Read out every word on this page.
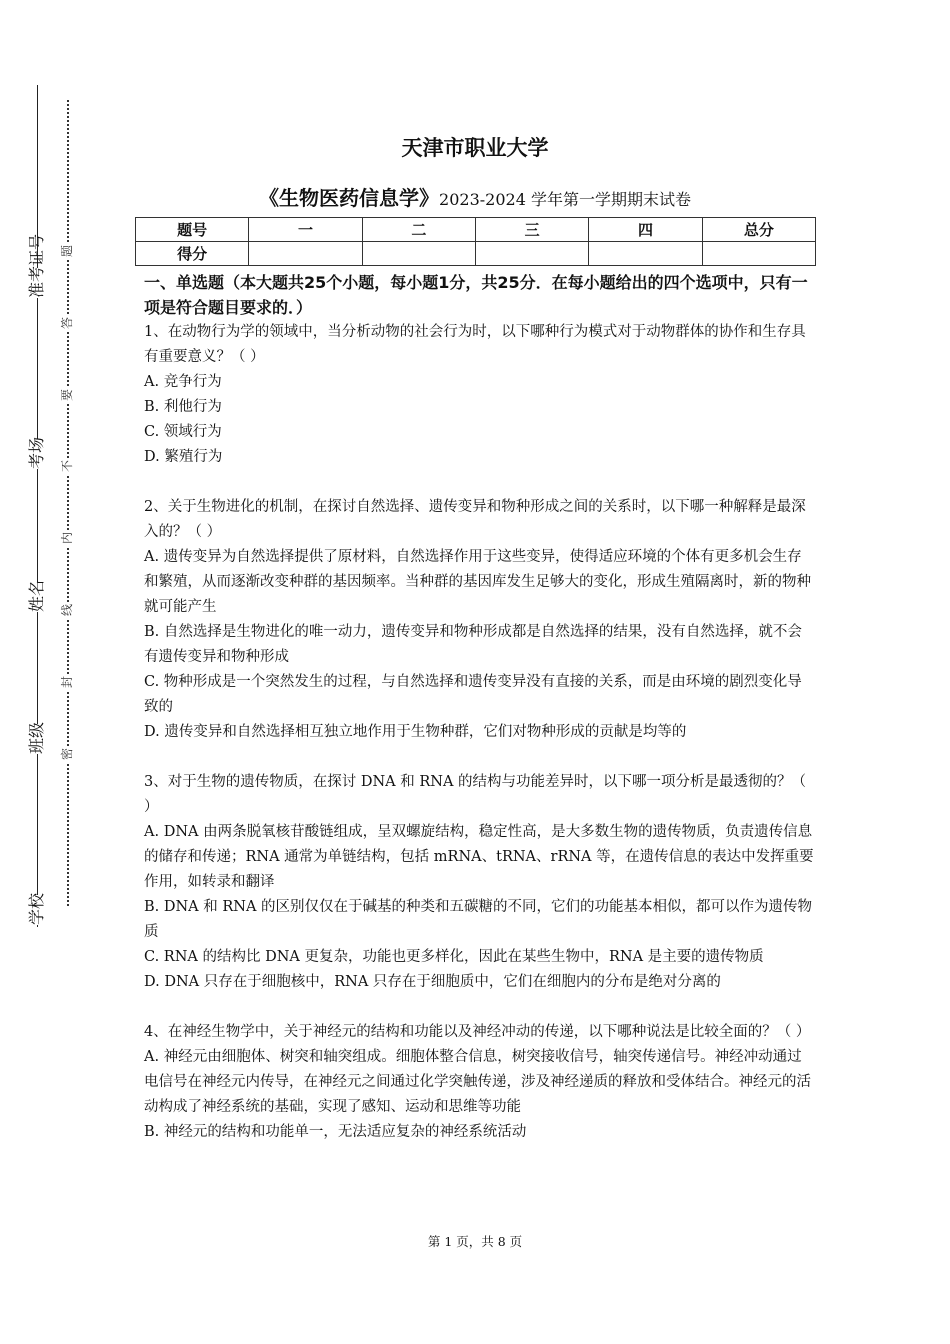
准考证号
考场
姓名
班级
学校
题
答
要
不
内
线
封
密
天津市职业大学
《生物医药信息学》2023-2024 学年第一学期期末试卷
题号	一	二	三	四	总分
得分					

一、单选题（本大题共25个小题，每小题1分，共25分．在每小题给出的四个选项中，只有一项是符合题目要求的．）

1、在动物行为学的领域中，当分析动物的社会行为时，以下哪种行为模式对于动物群体的协作和生存具有重要意义？（ ）

A. 竞争行为

B. 利他行为

C. 领域行为

D. 繁殖行为

2、关于生物进化的机制，在探讨自然选择、遗传变异和物种形成之间的关系时，以下哪一种解释是最深入的？（ ）

A. 遗传变异为自然选择提供了原材料，自然选择作用于这些变异，使得适应环境的个体有更多机会生存和繁殖，从而逐渐改变种群的基因频率。当种群的基因库发生足够大的变化，形成生殖隔离时，新的物种就可能产生

B. 自然选择是生物进化的唯一动力，遗传变异和物种形成都是自然选择的结果，没有自然选择，就不会有遗传变异和物种形成

C. 物种形成是一个突然发生的过程，与自然选择和遗传变异没有直接的关系，而是由环境的剧烈变化导致的

D. 遗传变异和自然选择相互独立地作用于生物种群，它们对物种形成的贡献是均等的

3、对于生物的遗传物质，在探讨 DNA 和 RNA 的结构与功能差异时，以下哪一项分析是最透彻的？（ ）

A. DNA 由两条脱氧核苷酸链组成，呈双螺旋结构，稳定性高，是大多数生物的遗传物质，负责遗传信息的储存和传递；RNA 通常为单链结构，包括 mRNA、tRNA、rRNA 等，在遗传信息的表达中发挥重要作用，如转录和翻译

B. DNA 和 RNA 的区别仅仅在于碱基的种类和五碳糖的不同，它们的功能基本相似，都可以作为遗传物质

C. RNA 的结构比 DNA 更复杂，功能也更多样化，因此在某些生物中，RNA 是主要的遗传物质

D. DNA 只存在于细胞核中，RNA 只存在于细胞质中，它们在细胞内的分布是绝对分离的

4、在神经生物学中，关于神经元的结构和功能以及神经冲动的传递，以下哪种说法是比较全面的？（ ）

A. 神经元由细胞体、树突和轴突组成。细胞体整合信息，树突接收信号，轴突传递信号。神经冲动通过电信号在神经元内传导，在神经元之间通过化学突触传递，涉及神经递质的释放和受体结合。神经元的活动构成了神经系统的基础，实现了感知、运动和思维等功能

B. 神经元的结构和功能单一，无法适应复杂的神经系统活动

第 1 页，共 8 页
